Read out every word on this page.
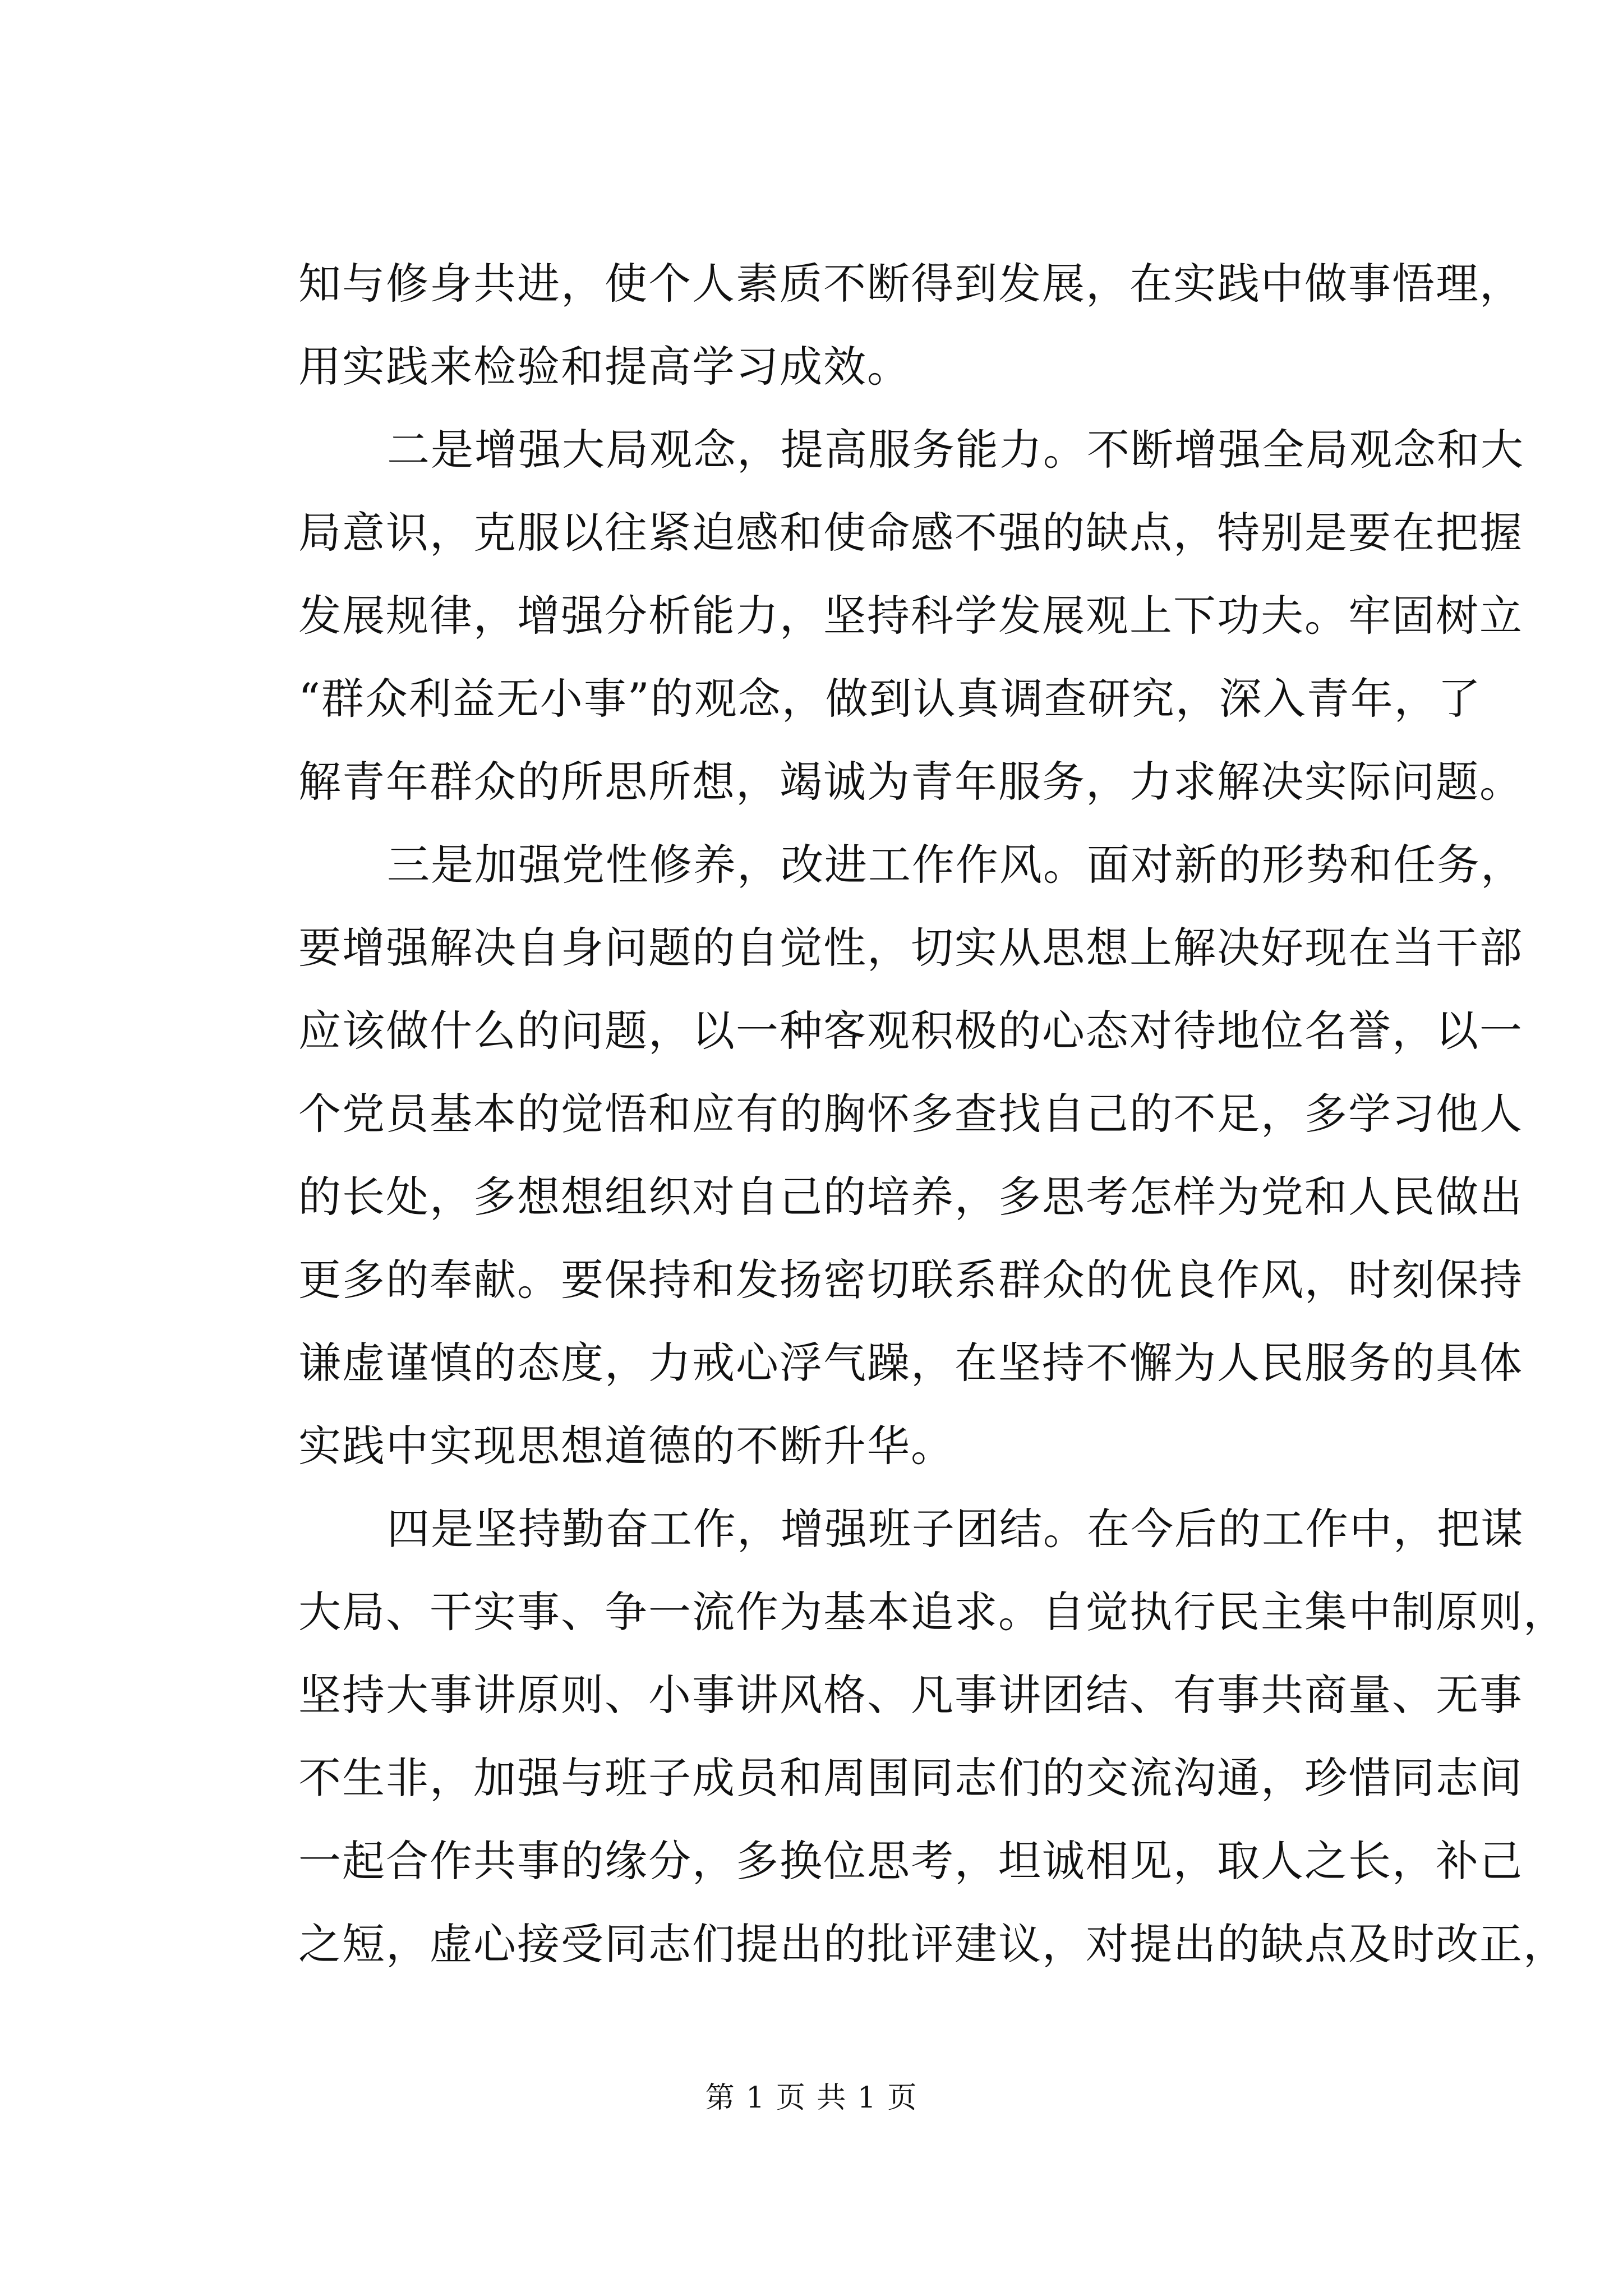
知与修身共进，使个人素质不断得到发展，在实践中做事悟理，
用实践来检验和提高学习成效。
二是增强大局观念，提高服务能力。不断增强全局观念和大
局意识，克服以往紧迫感和使命感不强的缺点，特别是要在把握
发展规律，增强分析能力，坚持科学发展观上下功夫。牢固树立
“群众利益无小事”的观念，做到认真调查研究，深入青年，了
解青年群众的所思所想，竭诚为青年服务，力求解决实际问题。
三是加强党性修养，改进工作作风。面对新的形势和任务，
要增强解决自身问题的自觉性，切实从思想上解决好现在当干部
应该做什么的问题，以一种客观积极的心态对待地位名誉，以一
个党员基本的觉悟和应有的胸怀多查找自己的不足，多学习他人
的长处，多想想组织对自己的培养，多思考怎样为党和人民做出
更多的奉献。要保持和发扬密切联系群众的优良作风，时刻保持
谦虚谨慎的态度，力戒心浮气躁，在坚持不懈为人民服务的具体
实践中实现思想道德的不断升华。
四是坚持勤奋工作，增强班子团结。在今后的工作中，把谋
大局、干实事、争一流作为基本追求。自觉执行民主集中制原则，
坚持大事讲原则、小事讲风格、凡事讲团结、有事共商量、无事
不生非，加强与班子成员和周围同志们的交流沟通，珍惜同志间
一起合作共事的缘分，多换位思考，坦诚相见，取人之长，补己
之短，虚心接受同志们提出的批评建议，对提出的缺点及时改正，
第 1 页 共 1 页
